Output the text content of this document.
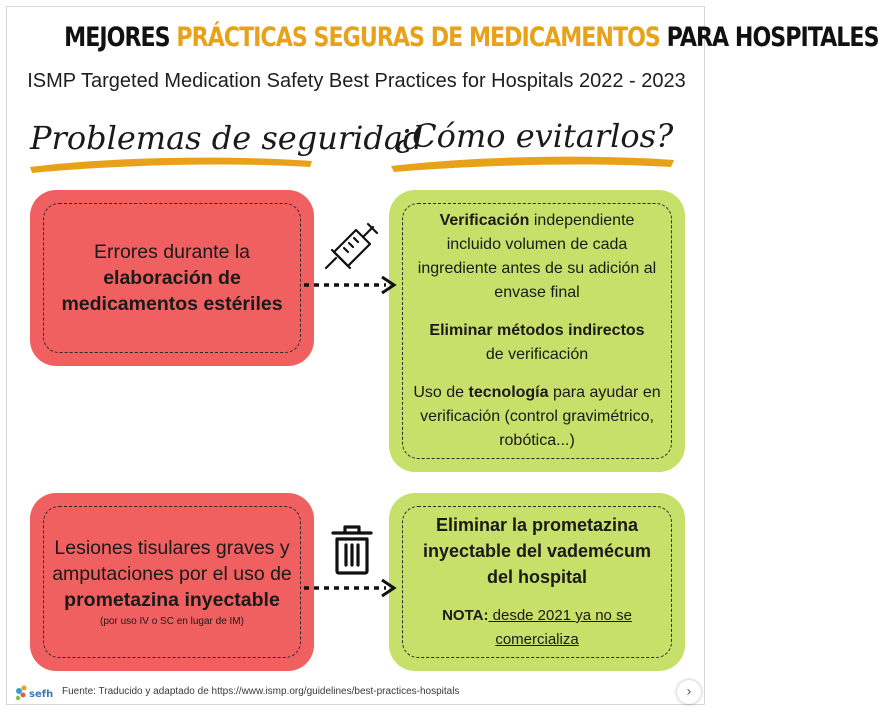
MEJORES PRÁCTICAS SEGURAS DE MEDICAMENTOS PARA HOSPITALES
ISMP Targeted Medication Safety Best Practices for Hospitals 2022 - 2023
Problemas de seguridad
¿Cómo evitarlos?
Errores durante la
elaboración de medicamentos estériles
Verificación independiente incluido volumen de cada ingrediente antes de su adición al envase final
Eliminar métodos indirectos
de verificación
Uso de tecnología para ayudar en verificación (control gravimétrico, robótica...)
Lesiones tisulares graves y amputaciones por el uso de prometazina inyectable
(por uso IV o SC en lugar de IM)
Eliminar la prometazina inyectable del vademécum del hospital
NOTA: desde 2021 ya no se comercializa
sefh Fuente: Traducido y adaptado de https://www.ismp.org/guidelines/best-practices-hospitals	›
